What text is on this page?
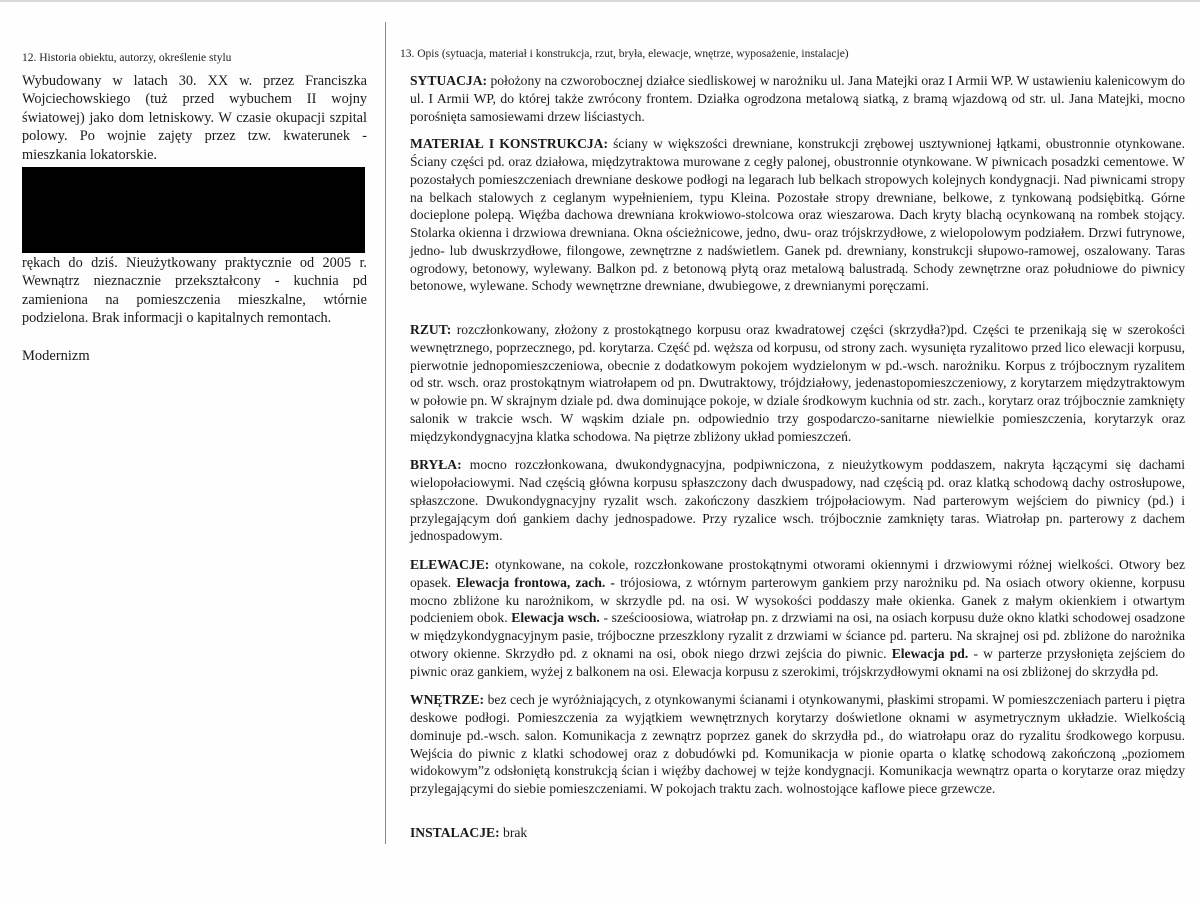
12. Historia obiektu, autorzy, określenie stylu

Wybudowany w latach 30. XX w. przez Franciszka Wojciechowskiego (tuż przed wybuchem II wojny światowej) jako dom letniskowy. W czasie okupacji szpital polowy. Po wojnie zajęty przez tzw. kwaterunek - mieszkania lokatorskie.

rękach do dziś. Nieużytkowany praktycznie od 2005 r. Wewnątrz nieznacznie przekształcony - kuchnia pd zamieniona na pomieszczenia mieszkalne, wtórnie podzielona. Brak informacji o kapitalnych remontach.

Modernizm
13. Opis (sytuacja, materiał i konstrukcja, rzut, bryła, elewacje, wnętrze, wyposażenie, instalacje)
SYTUACJA: położony na czworobocznej działce siedliskowej w narożniku ul. Jana Matejki oraz I Armii WP. W ustawieniu kalenicowym do ul. I Armii WP, do której także zwrócony frontem. Działka ogrodzona metalową siatką, z bramą wjazdową od str. ul. Jana Matejki, mocno porośnięta samosiewami drzew liściastych.
MATERIAŁ I KONSTRUKCJA: ściany w większości drewniane, konstrukcji zrębowej usztywnionej łątkami, obustronnie otynkowane. Ściany części pd. oraz działowa, międzytraktowa murowane z cegły palonej, obustronnie otynkowane. W piwnicach posadzki cementowe. W pozostałych pomieszczeniach drewniane deskowe podłogi na legarach lub belkach stropowych kolejnych kondygnacji. Nad piwnicami stropy na belkach stalowych z ceglanym wypełnieniem, typu Kleina. Pozostałe stropy drewniane, belkowe, z tynkowaną podsiębitką. Górne docieplone polepą. Więźba dachowa drewniana krokwiowo-stolcowa oraz wieszarowa. Dach kryty blachą ocynkowaną na rombek stojący. Stolarka okienna i drzwiowa drewniana. Okna ościeżnicowe, jedno, dwu- oraz trójskrzydłowe, z wielopolowym podziałem. Drzwi futrynowe, jedno- lub dwuskrzydłowe, filongowe, zewnętrzne z nadświetlem. Ganek pd. drewniany, konstrukcji słupowo-ramowej, oszalowany. Taras ogrodowy, betonowy, wylewany. Balkon pd. z betonową płytą oraz metalową balustradą. Schody zewnętrzne oraz południowe do piwnicy betonowe, wylewane. Schody wewnętrzne drewniane, dwubiegowe, z drewnianymi poręczami.
RZUT: rozczłonkowany, złożony z prostokątnego korpusu oraz kwadratowej części (skrzydła?)pd. Części te przenikają się w szerokości wewnętrznego, poprzecznego, pd. korytarza. Część pd. węższa od korpusu, od strony zach. wysunięta ryzalitowo przed lico elewacji korpusu, pierwotnie jednopomieszczeniowa, obecnie z dodatkowym pokojem wydzielonym w pd.-wsch. narożniku. Korpus z trójbocznym ryzalitem od str. wsch. oraz prostokątnym wiatrołapem od pn. Dwutraktowy, trójdziałowy, jedenastopomieszczeniowy, z korytarzem międzytraktowym w połowie pn. W skrajnym dziale pd. dwa dominujące pokoje, w dziale środkowym kuchnia od str. zach., korytarz oraz trójbocznie zamknięty salonik w trakcie wsch. W wąskim dziale pn. odpowiednio trzy gospodarczo-sanitarne niewielkie pomieszczenia, korytarzyk oraz międzykondygnacyjna klatka schodowa. Na piętrze zbliżony układ pomieszczeń.
BRYŁA: mocno rozczłonkowana, dwukondygnacyjna, podpiwniczona, z nieużytkowym poddaszem, nakryta łączącymi się dachami wielopołaciowymi. Nad częścią główna korpusu spłaszczony dach dwuspadowy, nad częścią pd. oraz klatką schodową dachy ostrosłupowe, spłaszczone. Dwukondygnacyjny ryzalit wsch. zakończony daszkiem trójpołaciowym. Nad parterowym wejściem do piwnicy (pd.) i przylegającym doń gankiem dachy jednospadowe. Przy ryzalice wsch. trójbocznie zamknięty taras. Wiatrołap pn. parterowy z dachem jednospadowym.
ELEWACJE: otynkowane, na cokole, rozczłonkowane prostokątnymi otworami okiennymi i drzwiowymi różnej wielkości. Otwory bez opasek. Elewacja frontowa, zach. - trójosiowa, z wtórnym parterowym gankiem przy narożniku pd. Na osiach otwory okienne, korpusu mocno zbliżone ku narożnikom, w skrzydle pd. na osi. W wysokości poddaszy małe okienka. Ganek z małym okienkiem i otwartym podcieniem obok. Elewacja wsch. - sześcioosiowa, wiatrołap pn. z drzwiami na osi, na osiach korpusu duże okno klatki schodowej osadzone w międzykondygnacyjnym pasie, trójboczne przeszklony ryzalit z drzwiami w ściance pd. parteru. Na skrajnej osi pd. zbliżone do narożnika otwory okienne. Skrzydło pd. z oknami na osi, obok niego drzwi zejścia do piwnic. Elewacja pd. - w parterze przysłonięta zejściem do piwnic oraz gankiem, wyżej z balkonem na osi. Elewacja korpusu z szerokimi, trójskrzydłowymi oknami na osi zbliżonej do skrzydła pd.
WNĘTRZE: bez cech je wyróżniających, z otynkowanymi ścianami i otynkowanymi, płaskimi stropami. W pomieszczeniach parteru i piętra deskowe podłogi. Pomieszczenia za wyjątkiem wewnętrznych korytarzy doświetlone oknami w asymetrycznym układzie. Wielkością dominuje pd.-wsch. salon. Komunikacja z zewnątrz poprzez ganek do skrzydła pd., do wiatrołapu oraz do ryzalitu środkowego korpusu. Wejścia do piwnic z klatki schodowej oraz z dobudówki pd. Komunikacja w pionie oparta o klatkę schodową zakończoną „poziomem widokowym”z odsłoniętą konstrukcją ścian i więźby dachowej w tejże kondygnacji. Komunikacja wewnątrz oparta o korytarze oraz między przylegającymi do siebie pomieszczeniami. W pokojach traktu zach. wolnostojące kaflowe piece grzewcze.
INSTALACJE: brak
